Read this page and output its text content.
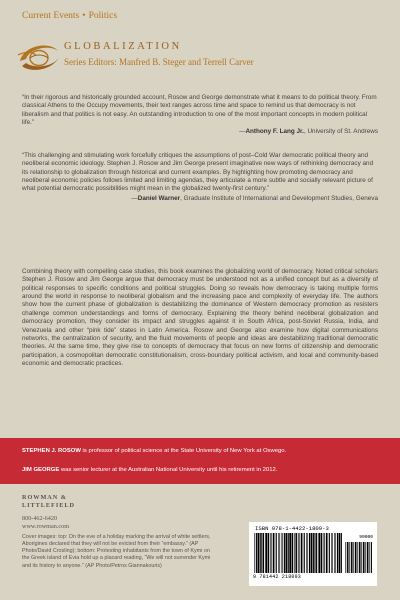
Current Events • Politics
GLOBALIZATION
Series Editors: Manfred B. Steger and Terrell Carver
“In their rigorous and historically grounded account, Rosow and George demonstrate what it means to do political theory. From classical Athens to the Occupy movements, their text ranges across time and space to remind us that democracy is not liberalism and that politics is not easy. An outstanding introduction to one of the most important concepts in modern political life.”
—Anthony F. Lang Jr., University of St. Andrews
“This challenging and stimulating work forcefully critiques the assumptions of post–Cold War democratic political theory and neoliberal economic ideology. Stephen J. Rosow and Jim George present imaginative new ways of rethinking democracy and its relationship to globalization through historical and current examples. By highlighting how promoting democracy and neoliberal economic policies follows limited and limiting agendas, they articulate a more subtle and socially relevant picture of what potential democratic possibilities might mean in the globalized twenty-first century.”
—Daniel Warner, Graduate Institute of International and Development Studies, Geneva
Combining theory with compelling case studies, this book examines the globalizing world of democracy. Noted critical scholars Stephen J. Rosow and Jim George argue that democracy must be understood not as a unified concept but as a diversity of political responses to specific conditions and political struggles. Doing so reveals how democracy is taking multiple forms around the world in response to neoliberal globalism and the increasing pace and complexity of everyday life. The authors show how the current phase of globalization is destabilizing the dominance of Western democracy promotion as resisters challenge common understandings and forms of democracy. Explaining the theory behind neoliberal globalization and democracy promotion, they consider its impact and struggles against it in South Africa, post-Soviet Russia, India, and Venezuela and other “pink tide” states in Latin America. Rosow and George also examine how digital communications networks, the centralization of security, and the fluid movements of people and ideas are destabilizing traditional democratic theories. At the same time, they give rise to concepts of democracy that focus on new forms of citizenship and democratic participation, a cosmopolitan democratic constitutionalism, cross-boundary political activism, and local and community-based economic and democratic practices.
STEPHEN J. ROSOW is professor of political science at the State University of New York at Oswego.
JIM GEORGE was senior lecturer at the Australian National University until his retirement in 2012.
ROWMAN &
LITTLEFIELD
800-462-6420
www.rowman.com
Cover images: top: On the eve of a holiday marking the arrival of white settlers, Aborigines declared that they will not be evicted from their “embassy.” (AP Photo/David Crosling); bottom: Protesting inhabitants from the town of Kymi on the Greek island of Evia hold up a placard reading, “We will not surrender Kymi and its history to anyone.” (AP Photo/Petros Giannakouris)
ISBN 978-1-4422-1809-3
90000
9 781442 218093
